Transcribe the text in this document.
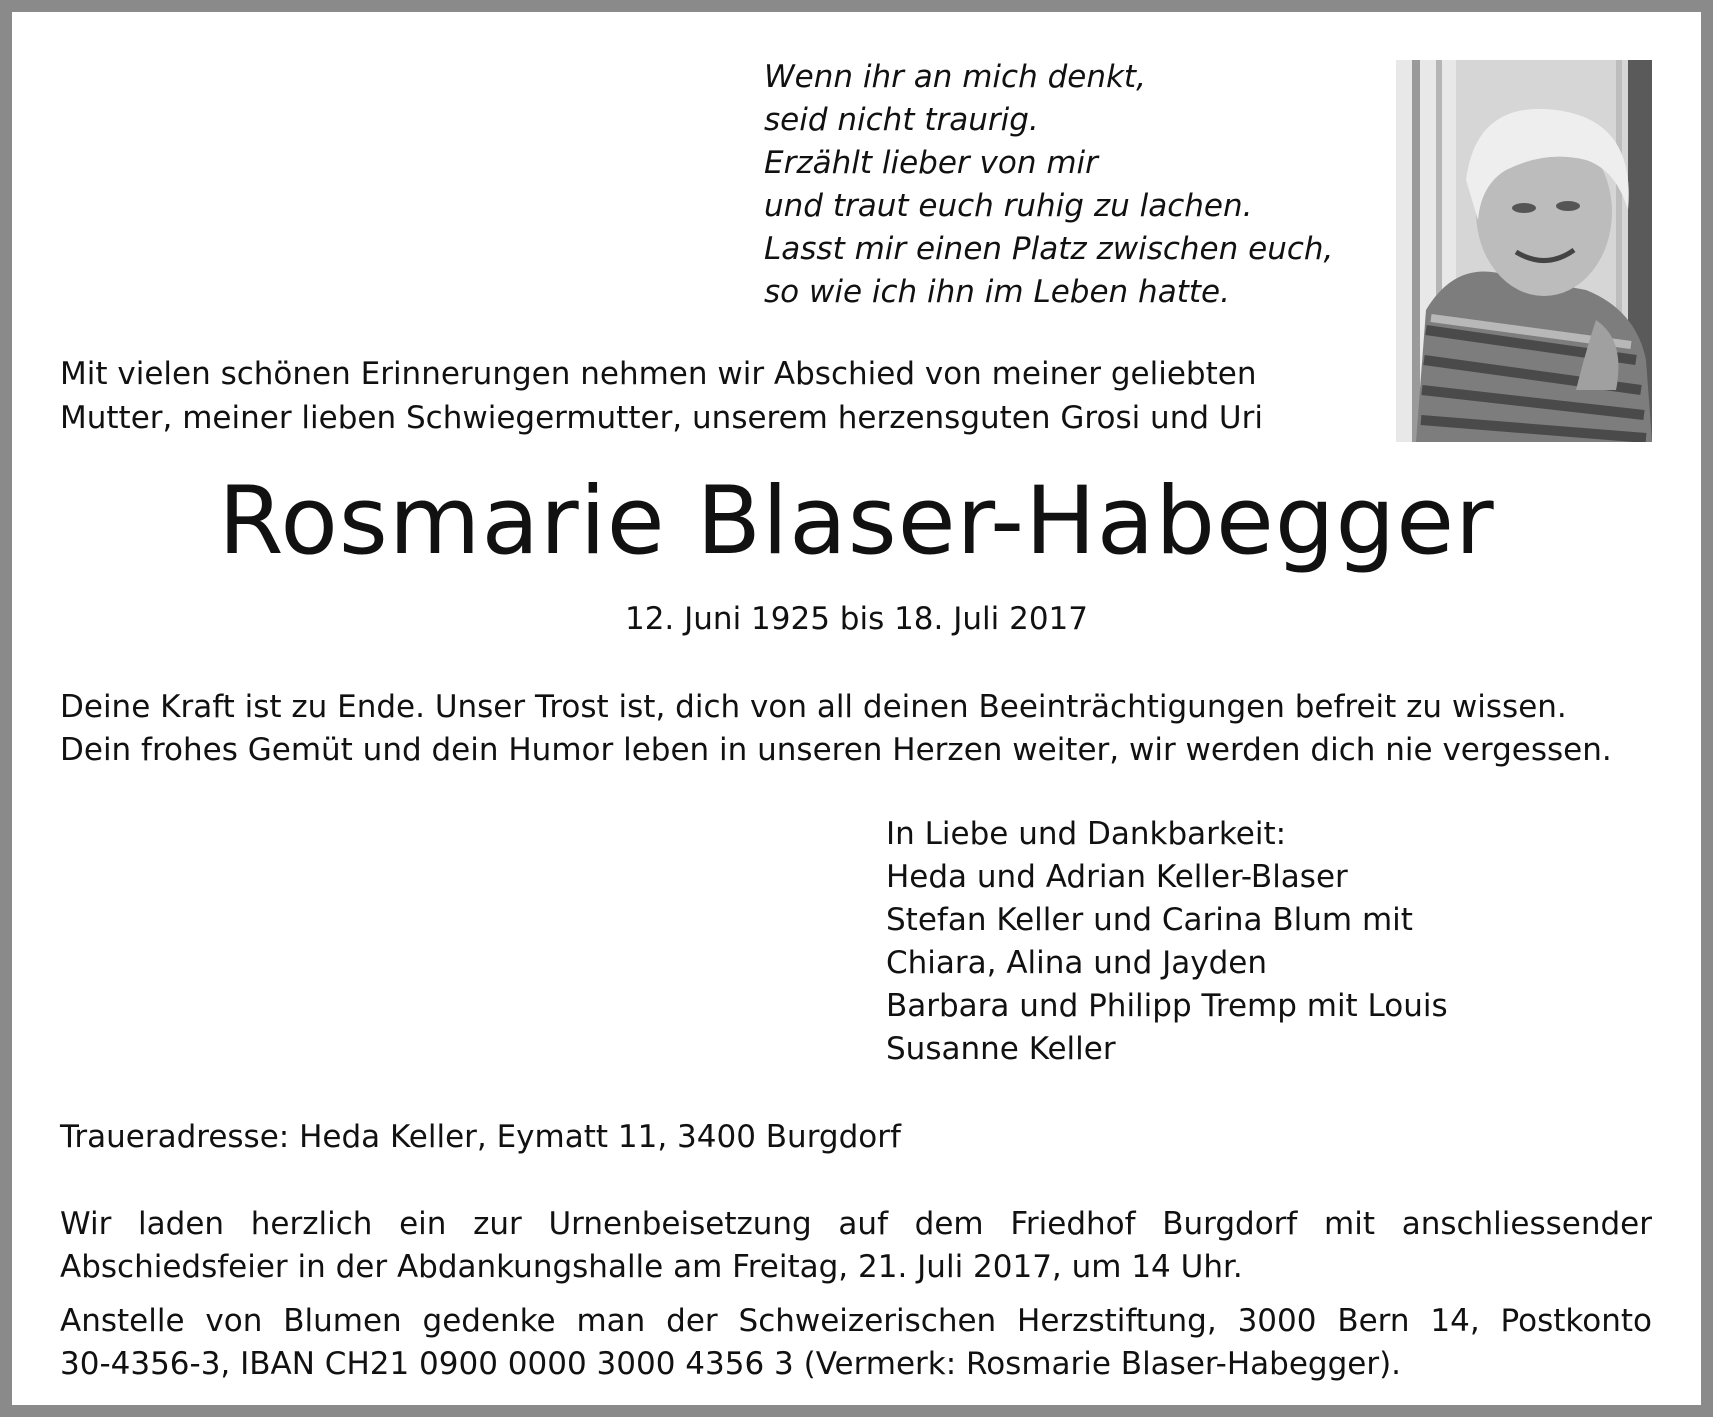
Wenn ihr an mich denkt,
seid nicht traurig.
Erzählt lieber von mir
und traut euch ruhig zu lachen.
Lasst mir einen Platz zwischen euch,
so wie ich ihn im Leben hatte.
Mit vielen schönen Erinnerungen nehmen wir Abschied von meiner geliebten
Mutter, meiner lieben Schwiegermutter, unserem herzensguten Grosi und Uri
Rosmarie Blaser-Habegger
12. Juni 1925 bis 18. Juli 2017
Deine Kraft ist zu Ende. Unser Trost ist, dich von all deinen Beeinträchtigungen befreit zu wissen.
Dein frohes Gemüt und dein Humor leben in unseren Herzen weiter, wir werden dich nie vergessen.
In Liebe und Dankbarkeit:
Heda und Adrian Keller-Blaser
Stefan Keller und Carina Blum mit
Chiara, Alina und Jayden
Barbara und Philipp Tremp mit Louis
Susanne Keller
Traueradresse: Heda Keller, Eymatt 11, 3400 Burgdorf
Wir laden herzlich ein zur Urnenbeisetzung auf dem Friedhof Burgdorf mit anschliessender
Abschiedsfeier in der Abdankungshalle am Freitag, 21. Juli 2017, um 14 Uhr.
Anstelle von Blumen gedenke man der Schweizerischen Herzstiftung, 3000 Bern 14, Postkonto
30-4356-3, IBAN CH21 0900 0000 3000 4356 3 (Vermerk: Rosmarie Blaser-Habegger).
